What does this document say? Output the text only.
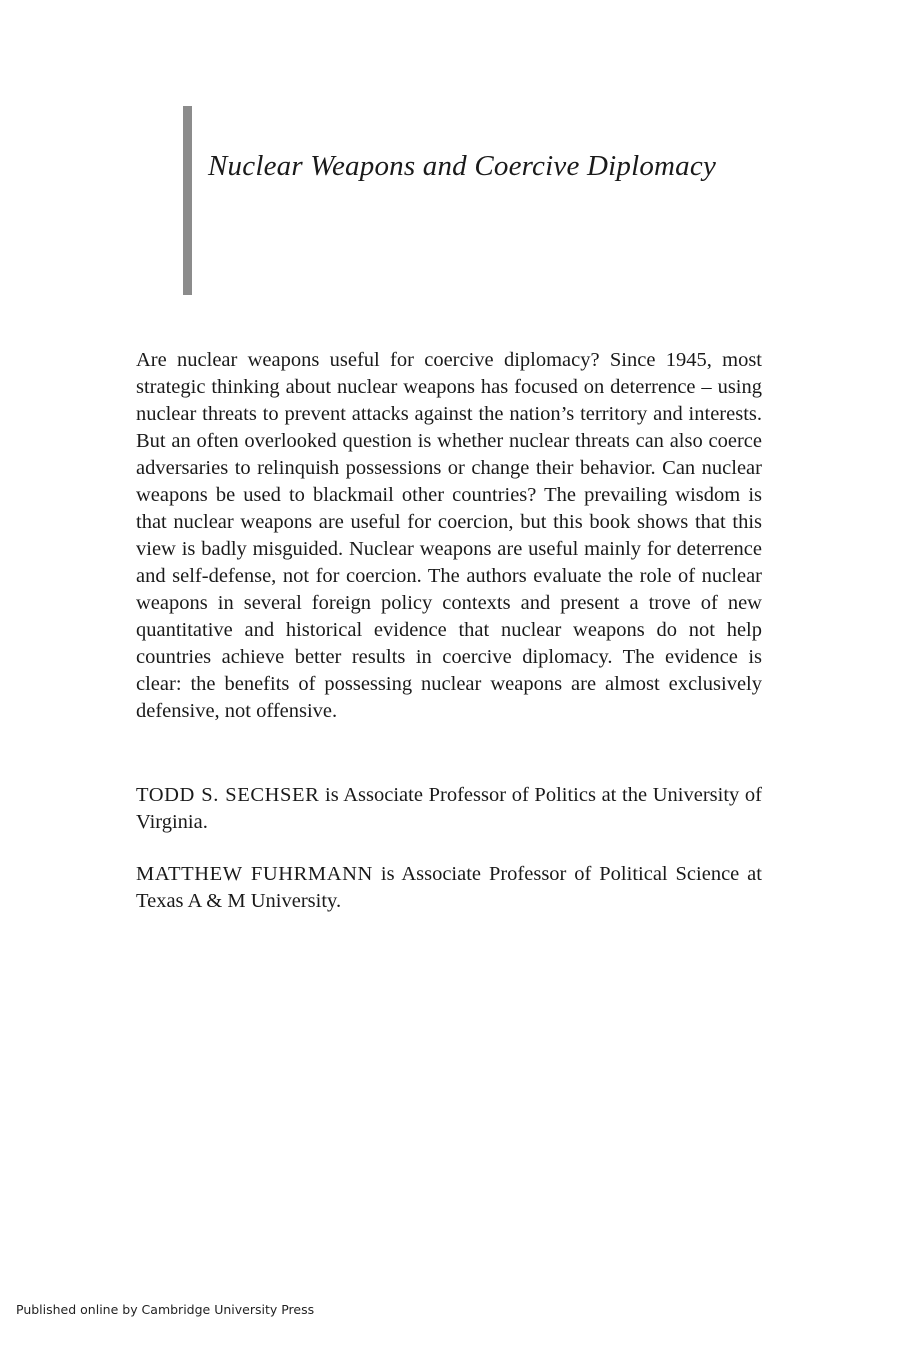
Nuclear Weapons and Coercive Diplomacy

Are nuclear weapons useful for coercive diplomacy? Since 1945, most strategic thinking about nuclear weapons has focused on deterrence – using nuclear threats to prevent attacks against the nation’s territory and interests. But an often overlooked question is whether nuclear threats can also coerce adversaries to relinquish possessions or change their behavior. Can nuclear weapons be used to blackmail other countries? The prevailing wisdom is that nuclear weapons are useful for coercion, but this book shows that this view is badly misguided. Nuclear weapons are useful mainly for deterrence and self-defense, not for coercion. The authors evaluate the role of nuclear weapons in several foreign policy contexts and present a trove of new quantitative and historical evidence that nuclear weapons do not help countries achieve better results in coercive diplomacy. The evidence is clear: the benefits of possessing nuclear weapons are almost exclusively defensive, not offensive.

TODD S. SECHSER is Associate Professor of Politics at the University of Virginia.

MATTHEW FUHRMANN is Associate Professor of Political Science at Texas A & M University.

Published online by Cambridge University Press
